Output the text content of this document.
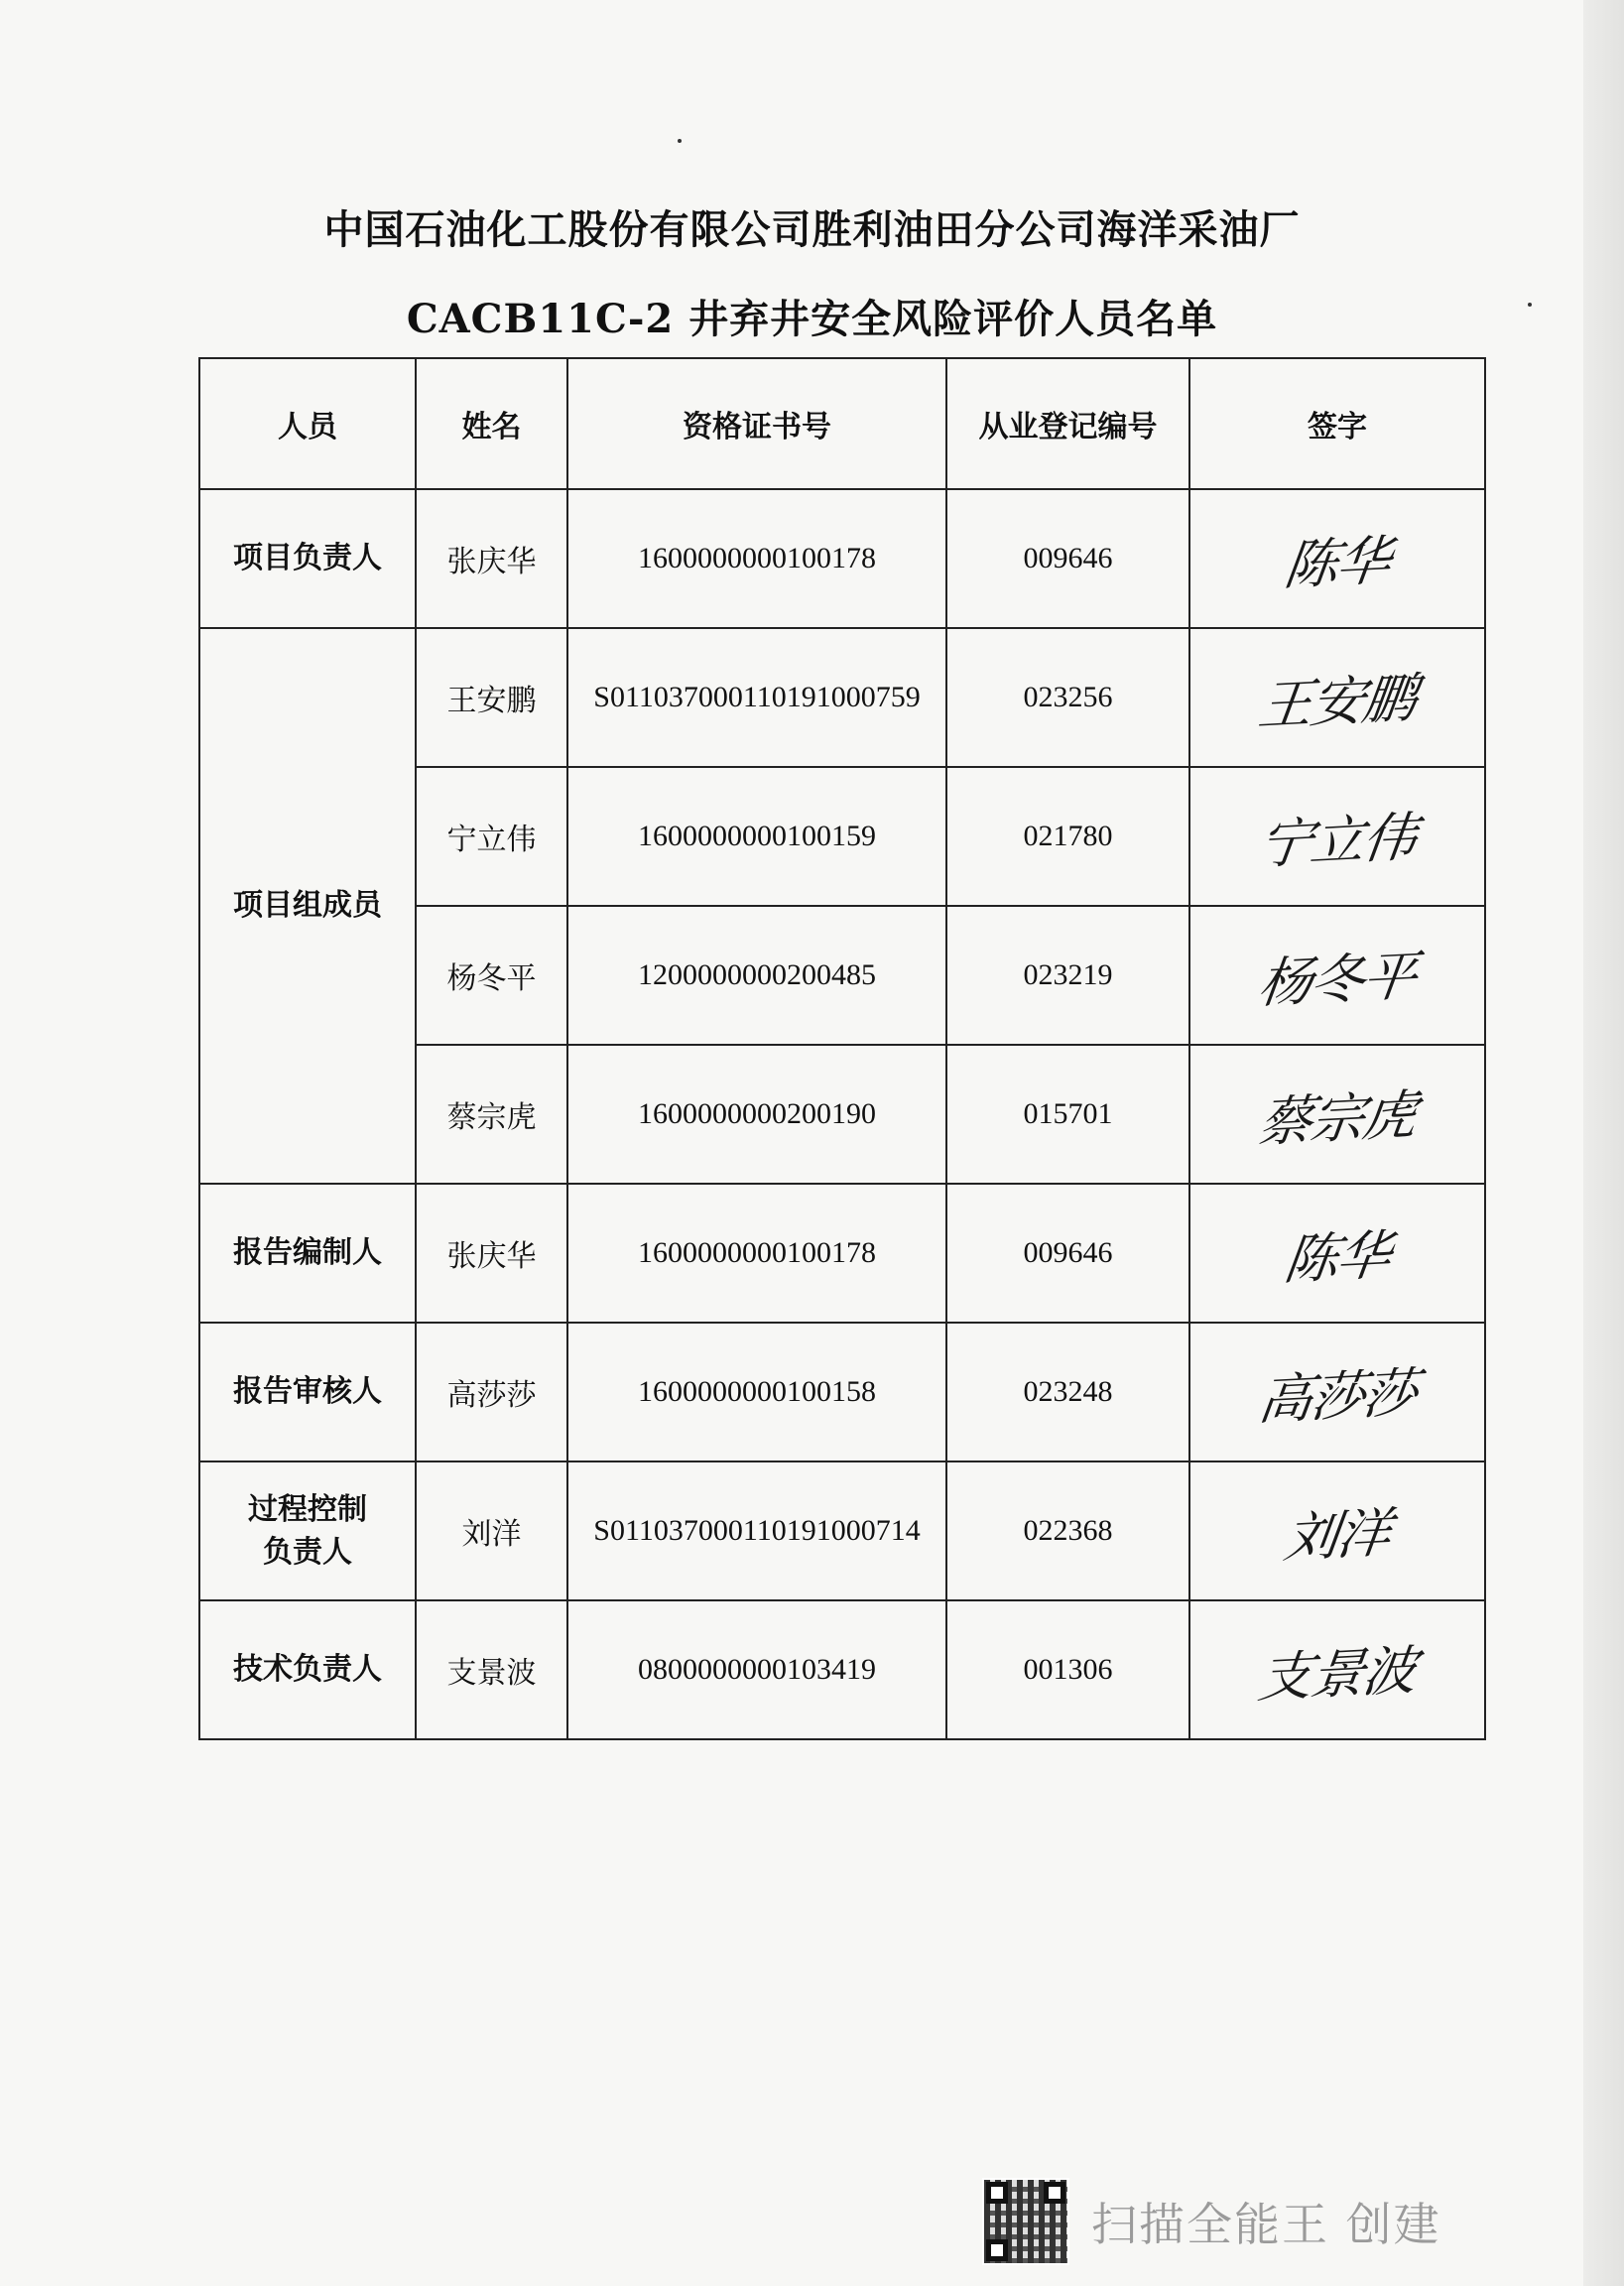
中国石油化工股份有限公司胜利油田分公司海洋采油厂
CACB11C-2 井弃井安全风险评价人员名单
人员	姓名	资格证书号	从业登记编号	签字
项目负责人	张庆华	1600000000100178	009646	陈华
项目组成员	王安鹏	S011037000110191000759	023256	王安鹏
	宁立伟	1600000000100159	021780	宁立伟
	杨冬平	1200000000200485	023219	杨冬平
	蔡宗虎	1600000000200190	015701	蔡宗虎
报告编制人	张庆华	1600000000100178	009646	陈华
报告审核人	高莎莎	1600000000100158	023248	高莎莎

过程控制
负责人	刘洋	S011037000110191000714	022368	刘洋
技术负责人	支景波	0800000000103419	001306	支景波
扫描全能王 创建
